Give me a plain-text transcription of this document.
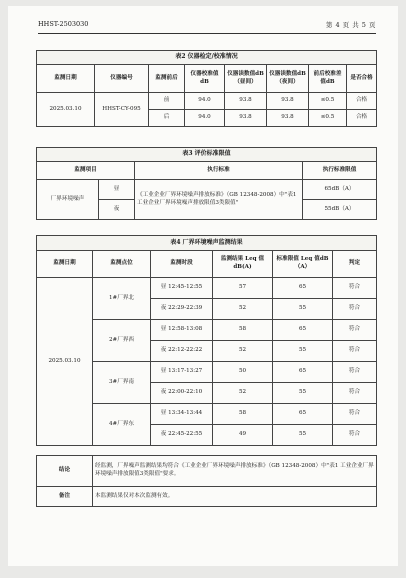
HHST-2503030	第 4 页 共 5 页
表2 仪器检定/校准情况							
监测日期	仪器编号	监测前后	仪器校准值dB	仪器读数值dB（昼间）	仪器读数值dB（夜间）	前后校准差值dB	是否合格
2025.03.10	HHST-CY-095	前	94.0	93.8	93.8	≤0.5	合格
		后	94.0	93.8	93.8	≤0.5	合格
表3 评价标准限值			
监测项目		执行标准	执行标准限值
厂界环境噪声	昼	《工业企业厂界环境噪声排放标准》（GB 12348-2008）中"表1 工业企业厂界环境噪声排放限值3类限值"	65dB（A）
	夜		55dB（A）
表4 厂界环境噪声监测结果					
监测日期	监测点位	监测时段	监测结果 Leq 值dB(A)	标准限值 Leq 值dB（A）	判定
2025.03.10	1#厂界北	昼 12:45-12:55	57	65	符合
		夜 22:29-22:39	52	55	符合
	2#厂界西	昼 12:58-13:08	58	65	符合
		夜 22:12-22:22	52	55	符合
	3#厂界南	昼 13:17-13:27	50	65	符合
		夜 22:00-22:10	52	55	符合
	4#厂界东	昼 13:34-13:44	58	65	符合
		夜 22:45-22:55	49	55	符合
结论	经监测，厂界噪声监测结果均符合《工业企业厂界环境噪声排放标准》（GB 12348-2008）中"表1 工业企业厂界环境噪声排放限值3类限值"要求。
备注	本监测结果仅对本次监测有效。
